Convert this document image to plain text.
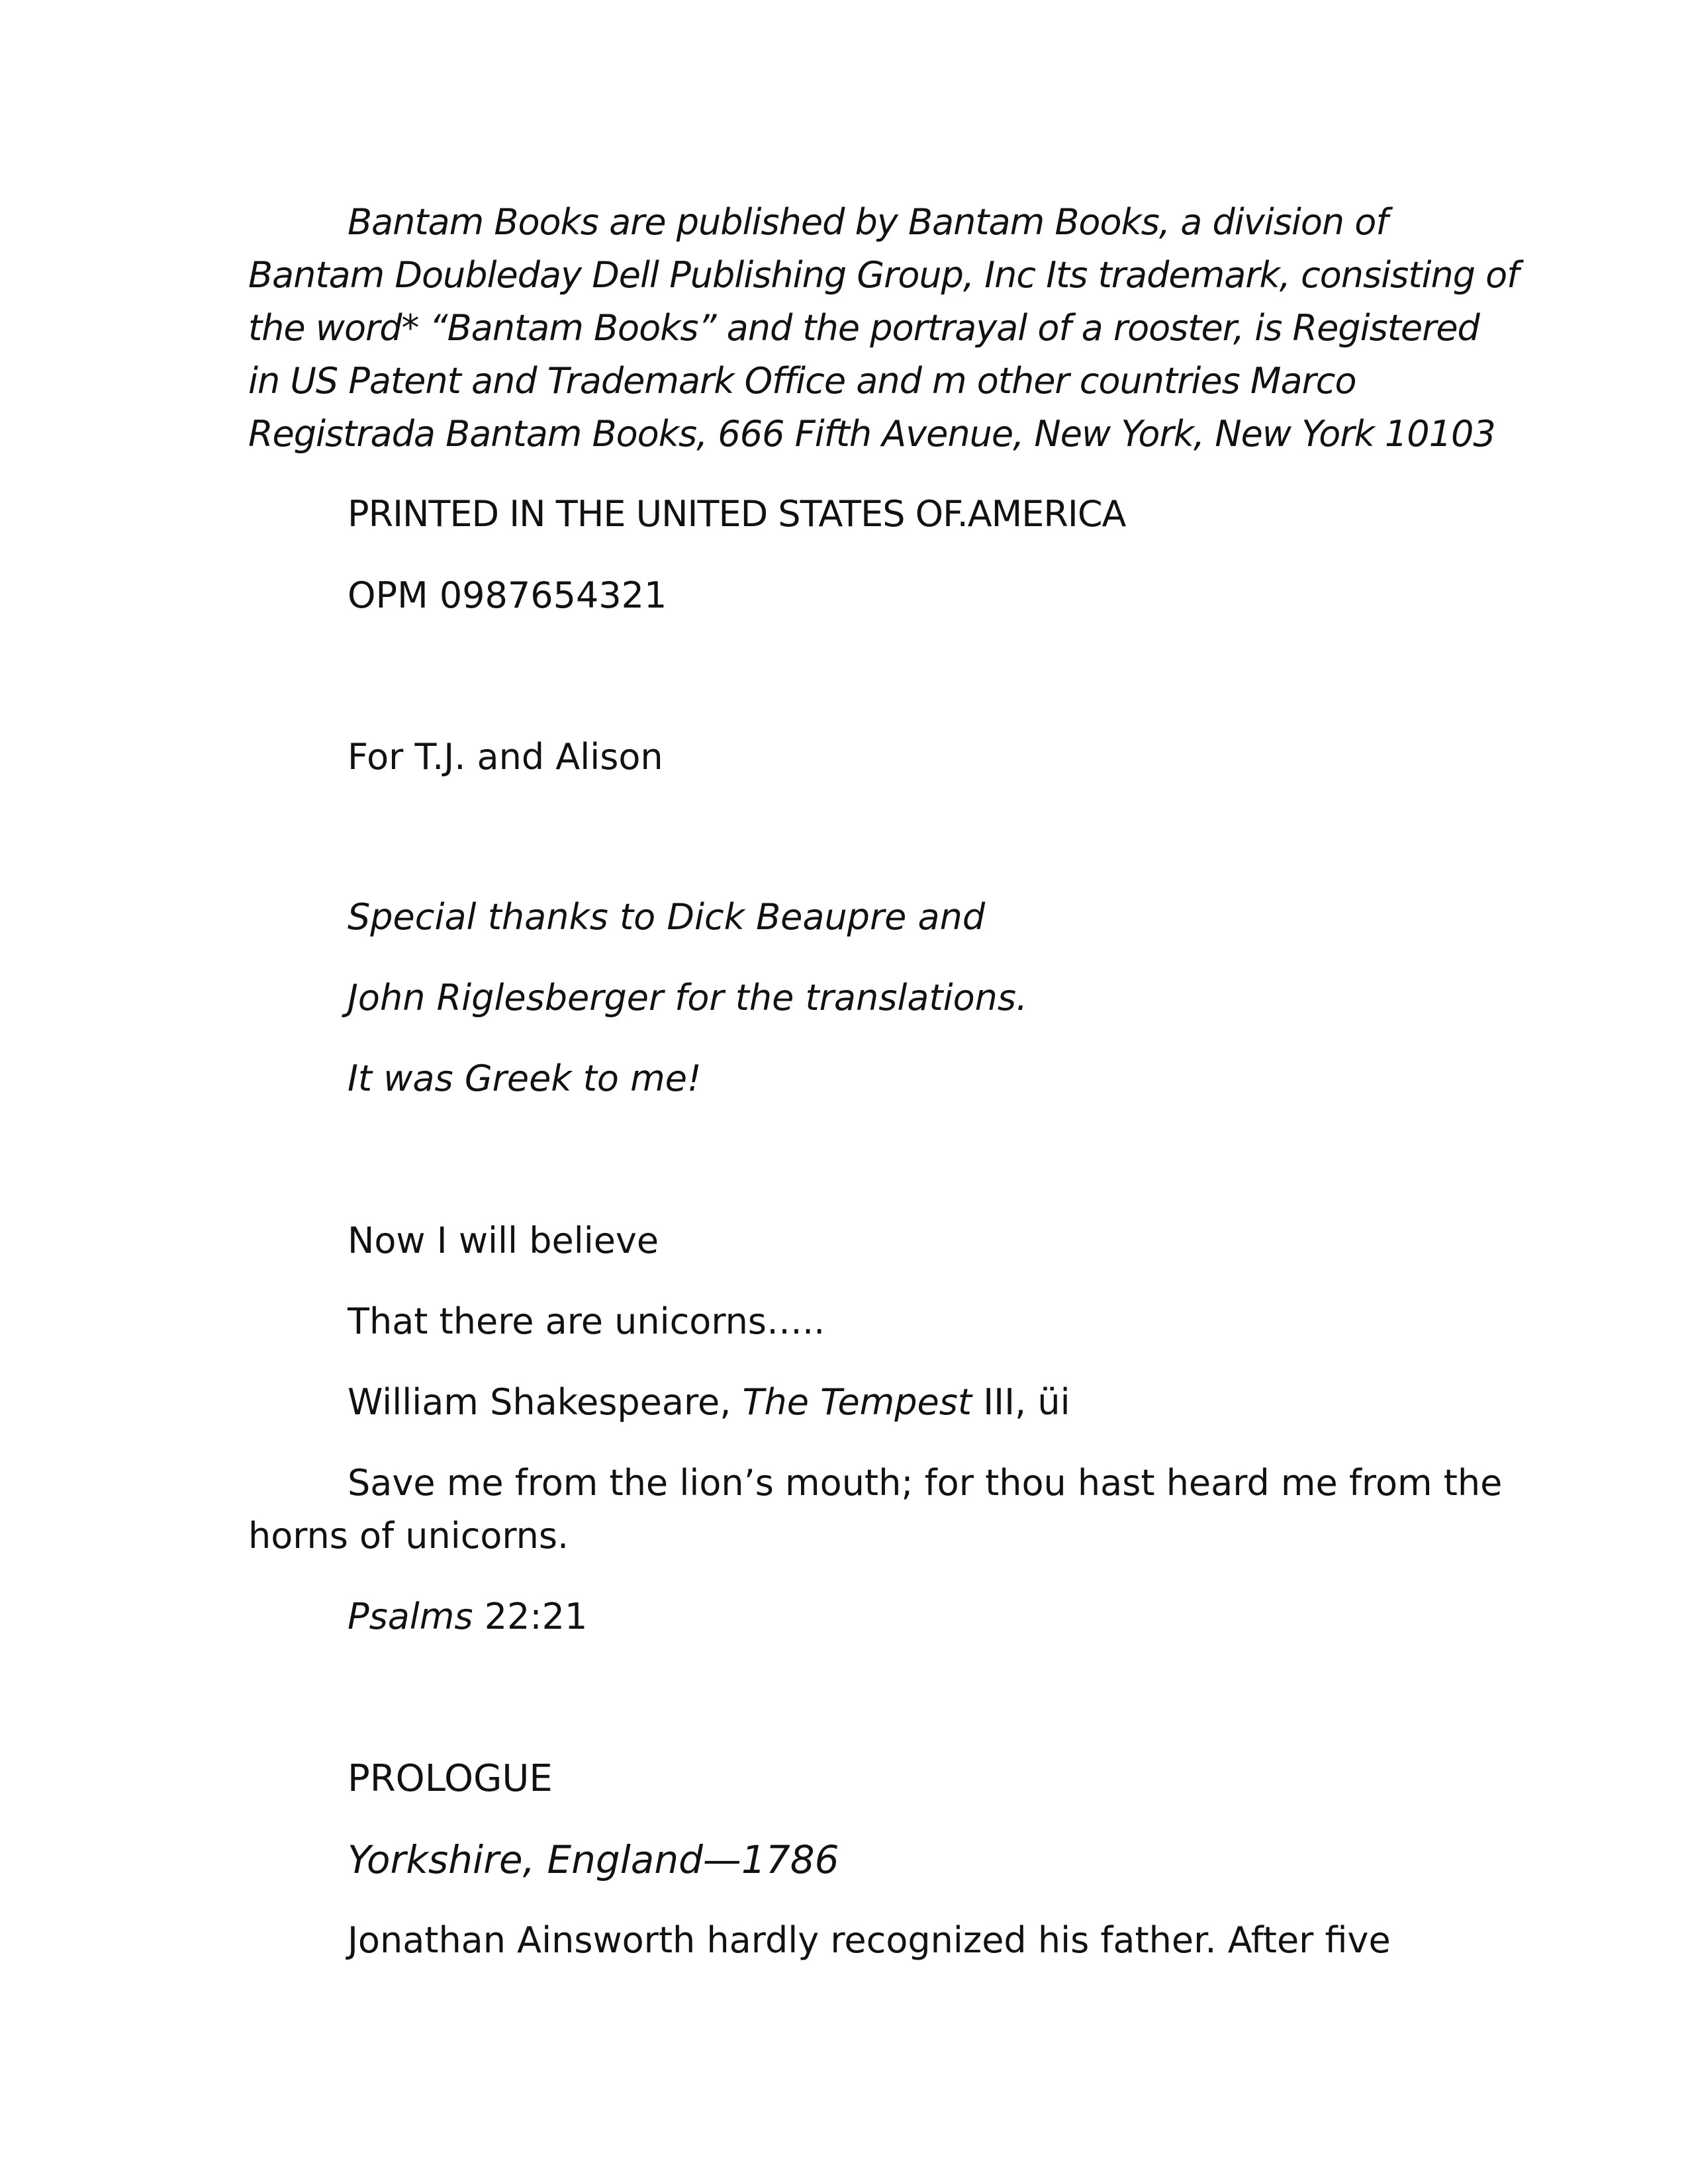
Bantam Books are published by Bantam Books, a division of
Bantam Doubleday Dell Publishing Group, Inc Its trademark, consisting of
the word* “Bantam Books” and the portrayal of a rooster, is Registered
in US Patent and Trademark Office and m other countries Marco
Registrada Bantam Books, 666 Fifth Avenue, New York, New York 10103
PRINTED IN THE UNITED STATES OF.AMERICA
OPM 0987654321
For T.J. and Alison
Special thanks to Dick Beaupre and
John Riglesberger for the translations.
It was Greek to me!
Now I will believe
That there are unicorns…..
William Shakespeare, The Tempest III, üi
Save me from the lion’s mouth; for thou hast heard me from the
horns of unicorns.
Psalms 22:21
PROLOGUE
Yorkshire, England—1786
Jonathan Ainsworth hardly recognized his father. After five
